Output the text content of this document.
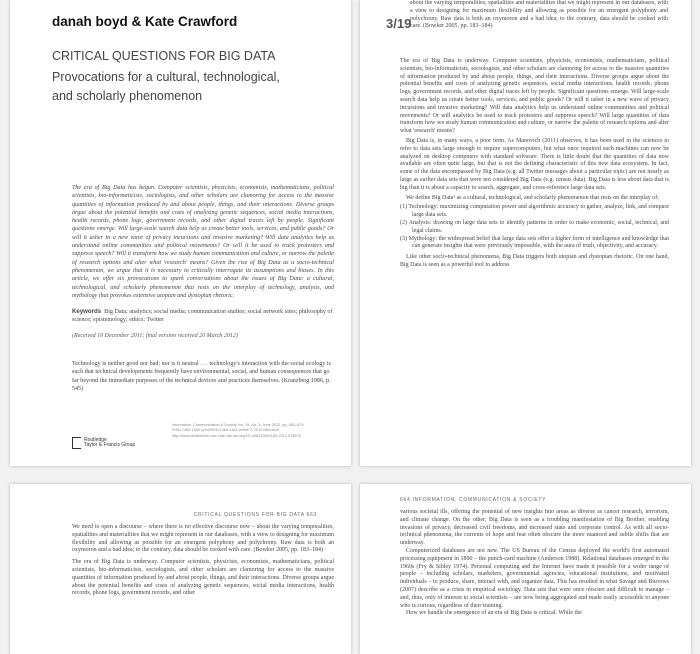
danah boyd & Kate Crawford
CRITICAL QUESTIONS FOR BIG DATA
Provocations for a cultural, technological, and scholarly phenomenon
The era of Big Data has begun. Computer scientists, physicists, economists, mathematicians, political scientists, bio-informaticists, sociologists, and other scholars are clamoring for access to the massive quantities of information produced by and about people, things, and their interactions. Diverse groups argue about the potential benefits and costs of analyzing genetic sequences, social media interactions, health records, phone logs, government records, and other digital traces left by people. Significant questions emerge. Will large-scale search data help us create better tools, services, and public goods? Or will it usher in a new wave of privacy incursions and invasive marketing? Will data analytics help us understand online communities and political movements? Or will it be used to track protesters and suppress speech? Will it transform how we study human communication and culture, or narrow the palette of research options and alter what 'research' means? Given the rise of Big Data as a socio-technical phenomenon, we argue that it is necessary to critically interrogate its assumptions and biases. In this article, we offer six provocations to spark conversations about the issues of Big Data: a cultural, technological, and scholarly phenomenon that rests on the interplay of technology, analysis, and mythology that provokes extensive utopian and dystopian rhetoric.
Keywords Big Data; analytics; social media; communication studies; social network sites; philosophy of science; epistemology; ethics; Twitter
(Received 10 December 2011; final version received 20 March 2012)
Technology is neither good nor bad; nor is it neutral . . . technology's interaction with the social ecology is such that technical developments frequently have environmental, social, and human consequences that go far beyond the immediate purposes of the technical devices and practices themselves. (Kranzberg 1986, p. 545)
Routledge
Taylor & Francis Group
Information, Communication & Society Vol. 15, No. 5, June 2012, pp. 662–679
ISSN 1369-118X print/ISSN 1468-4462 online © 2012 Microsoft
http://www.tandfonline.com http://dx.doi.org/10.1080/1369118X.2012.678878
3/19
about the varying temporalities, spatialities and materialities that we might represent in our databases, with a view to designing for maximum flexibility and allowing as possible for an emergent polyphony and polychrony. Raw data is both an oxymoron and a bad idea; to the contrary, data should be cooked with care. (Bowker 2005, pp. 183–184)

The era of Big Data is underway. Computer scientists, physicists, economists, mathematicians, political scientists, bio-informaticists, sociologists, and other scholars are clamoring for access to the massive quantities of information produced by and about people, things, and their interactions. Diverse groups argue about the potential benefits and costs of analyzing genetic sequences, social media interactions, health records, phone logs, government records, and other digital traces left by people. Significant questions emerge. Will large-scale search data help us create better tools, services, and public goods? Or will it usher in a new wave of privacy incursions and invasive marketing? Will data analytics help us understand online communities and political movements? Or will analytics be used to track protesters and suppress speech? Will large quantities of data transform how we study human communication and culture, or narrow the palette of research options and alter what 'research' means?

Big Data is, in many ways, a poor term. As Manovich (2011) observes, it has been used in the sciences to refer to data sets large enough to require supercomputers, but what once required such machines can now be analyzed on desktop computers with standard software. There is little doubt that the quantities of data now available are often quite large, but that is not the defining characteristic of this new data ecosystem. In fact, some of the data encompassed by Big Data (e.g. all Twitter messages about a particular topic) are not nearly as large as earlier data sets that were not considered Big Data (e.g. census data). Big Data is less about data that is big than it is about a capacity to search, aggregate, and cross-reference large data sets.

We define Big Data¹ as a cultural, technological, and scholarly phenomenon that rests on the interplay of:

(1) Technology: maximizing computation power and algorithmic accuracy to gather, analyze, link, and compare large data sets.
(2) Analysis: drawing on large data sets to identify patterns in order to make economic, social, technical, and legal claims.
(3) Mythology: the widespread belief that large data sets offer a higher form of intelligence and knowledge that can generate insights that were previously impossible, with the aura of truth, objectivity, and accuracy.

Like other socio-technical phenomena, Big Data triggers both utopian and dystopian rhetoric. On one hand, Big Data is seen as a powerful tool to address

CRITICAL QUESTIONS FOR BIG DATA 663

We need to open a discourse – where there is no effective discourse now – about the varying temporalities, spatialities and materialities that we might represent in our databases, with a view to designing for maximum flexibility and allowing as possible for an emergent polyphony and polychrony. Raw data is both an oxymoron and a bad idea; to the contrary, data should be cooked with care. (Bowker 2005, pp. 183–184)

The era of Big Data is underway. Computer scientists, physicists, economists, mathematicians, political scientists, bio-informaticists, sociologists, and other scholars are clamoring for access to the massive quantities of information produced by and about people, things, and their interactions. Diverse groups argue about the potential benefits and costs of analyzing genetic sequences, social media interactions, health records, phone logs, government records, and other

664 INFORMATION, COMMUNICATION & SOCIETY

various societal ills, offering the potential of new insights into areas as diverse as cancer research, terrorism, and climate change. On the other, Big Data is seen as a troubling manifestation of Big Brother, enabling invasions of privacy, decreased civil freedoms, and increased state and corporate control. As with all socio-technical phenomena, the currents of hope and fear often obscure the more nuanced and subtle shifts that are underway.

Computerized databases are not new. The US Bureau of the Census deployed the world's first automated processing equipment in 1890 – the punch-card machine (Anderson 1988). Relational databases emerged in the 1960s (Fry & Sibley 1974). Personal computing and the Internet have made it possible for a wider range of people – including scholars, marketers, governmental agencies, educational institutions, and motivated individuals – to produce, share, interact with, and organize data. This has resulted in what Savage and Burrows (2007) describe as a crisis in empirical sociology. Data sets that were once obscure and difficult to manage – and, thus, only of interest to social scientists – are now being aggregated and made easily accessible to anyone who is curious, regardless of their training.

How we handle the emergence of an era of Big Data is critical. While the
